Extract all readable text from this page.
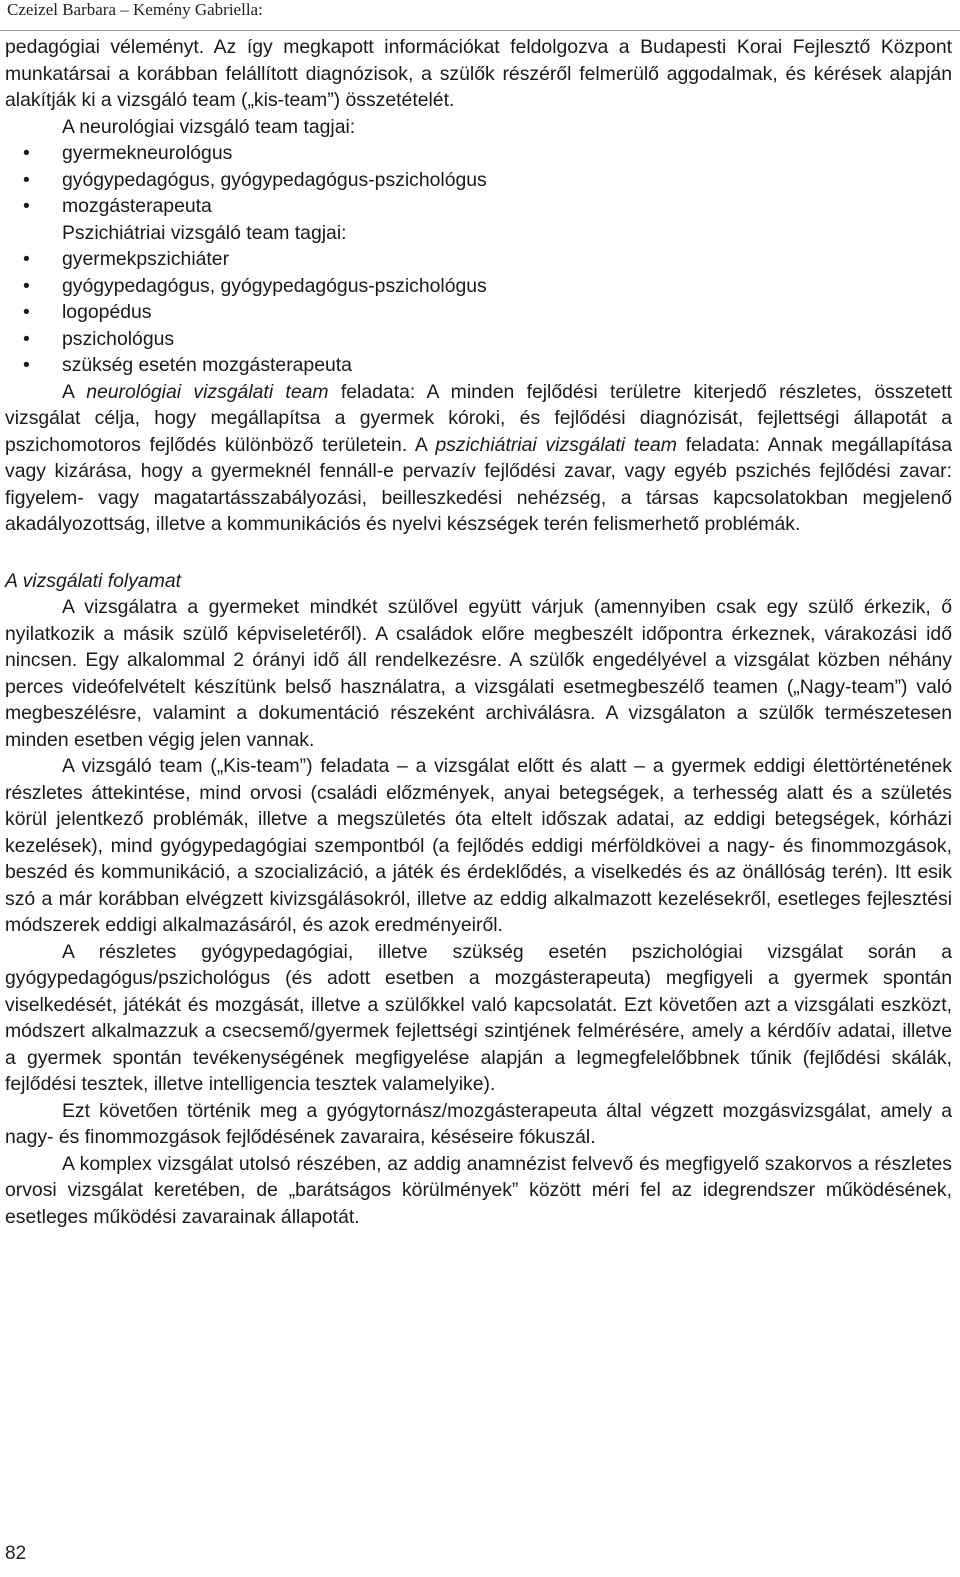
Czeizel Barbara – Kemény Gabriella:

pedagógiai véleményt. Az így megkapott információkat feldolgozva a Budapesti Korai Fejlesztő Központ munkatársai a korábban felállított diagnózisok, a szülők részéről felmerülő aggodalmak, és kérések alapján alakítják ki a vizsgáló team („kis-team”) összetételét.

A neurológiai vizsgáló team tagjai:
• gyermekneurológus
• gyógypedagógus, gyógypedagógus-pszichológus
• mozgásterapeuta
Pszichiátriai vizsgáló team tagjai:
• gyermekpszichiáter
• gyógypedagógus, gyógypedagógus-pszichológus
• logopédus
• pszichológus
• szükség esetén mozgásterapeuta

A neurológiai vizsgálati team feladata: A minden fejlődési területre kiterjedő részletes, összetett vizsgálat célja, hogy megállapítsa a gyermek kóroki, és fejlődési diagnózisát, fejlettségi állapotát a pszichomotoros fejlődés különböző területein. A pszichiátriai vizsgálati team feladata: Annak megállapítása vagy kizárása, hogy a gyermeknél fennáll-e pervazív fejlődési zavar, vagy egyéb pszichés fejlődési zavar: figyelem- vagy magatartásszabályozási, beilleszkedési nehézség, a társas kapcsolatokban megjelenő akadályozottság, illetve a kommunikációs és nyelvi készségek terén felismerhető problémák.

A vizsgálati folyamat

A vizsgálatra a gyermeket mindkét szülővel együtt várjuk (amennyiben csak egy szülő érkezik, ő nyilatkozik a másik szülő képviseletéről). A családok előre megbeszélt időpontra érkeznek, várakozási idő nincsen. Egy alkalommal 2 órányi idő áll rendelkezésre. A szülők engedélyével a vizsgálat közben néhány perces videófelvételt készítünk belső használatra, a vizsgálati esetmegbeszélő teamen („Nagy-team”) való megbeszélésre, valamint a dokumentáció részeként archiválásra. A vizsgálaton a szülők természetesen minden esetben végig jelen vannak.

A vizsgáló team („Kis-team”) feladata – a vizsgálat előtt és alatt – a gyermek eddigi élettörténetének részletes áttekintése, mind orvosi (családi előzmények, anyai betegségek, a terhesség alatt és a születés körül jelentkező problémák, illetve a megszületés óta eltelt időszak adatai, az eddigi betegségek, kórházi kezelések), mind gyógypedagógiai szempontból (a fejlődés eddigi mérföldkövei a nagy- és finommozgások, beszéd és kommunikáció, a szocializáció, a játék és érdeklődés, a viselkedés és az önállóság terén). Itt esik szó a már korábban elvégzett kivizsgálásokról, illetve az eddig alkalmazott kezelésekről, esetleges fejlesztési módszerek eddigi alkalmazásáról, és azok eredményeiről.

A részletes gyógypedagógiai, illetve szükség esetén pszichológiai vizsgálat során a gyógypedagógus/pszichológus (és adott esetben a mozgásterapeuta) megfigyeli a gyermek spontán viselkedését, játékát és mozgását, illetve a szülőkkel való kapcsolatát. Ezt követően azt a vizsgálati eszközt, módszert alkalmazzuk a csecsemő/gyermek fejlettségi szintjének felmérésére, amely a kérdőív adatai, illetve a gyermek spontán tevékenységének megfigyelése alapján a legmegfelelőbbnek tűnik (fejlődési skálák, fejlődési tesztek, illetve intelligencia tesztek valamelyike).

Ezt követően történik meg a gyógytornász/mozgásterapeuta által végzett mozgásvizsgálat, amely a nagy- és finommozgások fejlődésének zavaraira, késéseire fókuszál.

A komplex vizsgálat utolsó részében, az addig anamnézist felvevő és megfigyelő szakorvos a részletes orvosi vizsgálat keretében, de „barátságos körülmények” között méri fel az idegrendszer működésének, esetleges működési zavarainak állapotát.

82
